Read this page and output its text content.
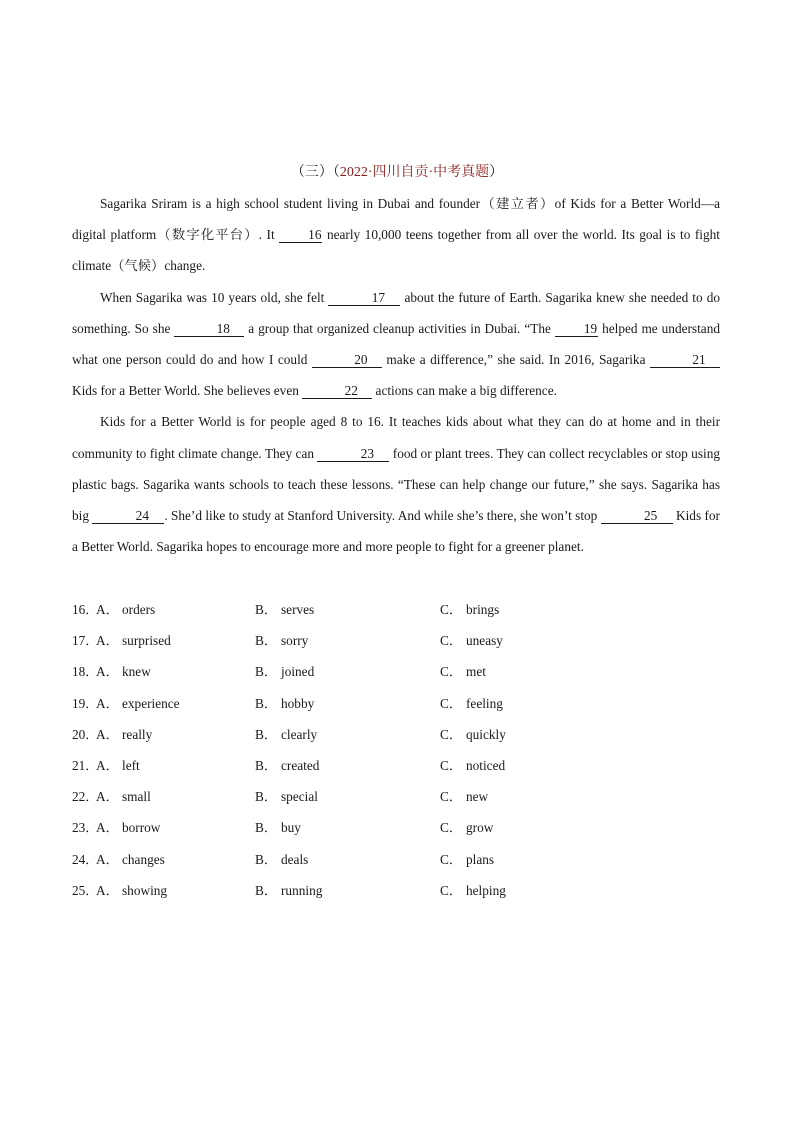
（三）（2022·四川自贡·中考真题）

Sagarika Sriram is a high school student living in Dubai and founder（建立者）of Kids for a Better World—a digital platform（数字化平台）. It 16 nearly 10,000 teens together from all over the world. Its goal is to fight climate（气候）change.

When Sagarika was 10 years old, she felt	17 about the future of Earth. Sagarika knew she needed to do something. So she	18 a group that organized cleanup activities in Dubai. “The 19 helped me understand what one person could do and how I could	20 make a difference,” she said. In 2016, Sagarika	21 Kids for a Better World. She believes even	22 actions can make a big difference.

Kids for a Better World is for people aged 8 to 16. It teaches kids about what they can do at home and in their community to fight climate change. They can	23 food or plant trees. They can collect recyclables or stop using plastic bags. Sagarika wants schools to teach these lessons. “These can help change our future,” she says. Sagarika has big	24 . She’d like to study at Stanford University. And while she’s there, she won’t stop	25 Kids for a Better World. Sagarika hopes to encourage more and more people to fight for a greener planet.

16．
A． orders	B． serves	C． brings
17．
A． surprised	B． sorry	C． uneasy
18．
A． knew	B． joined	C． met
19．
A． experience	B． hobby	C． feeling
20．
A． really	B． clearly	C． quickly
21．
A． left	B． created	C． noticed
22．
A． small	B． special	C． new
23．
A． borrow	B． buy	C． grow
24．
A． changes	B． deals	C． plans
25．
A． showing	B． running	C． helping
